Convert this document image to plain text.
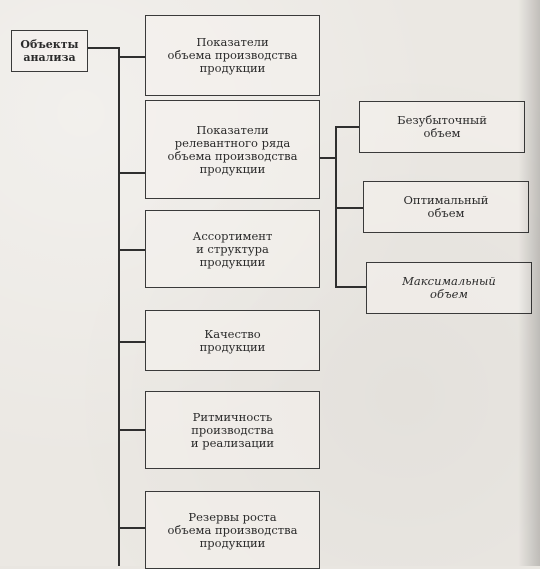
Объекты
анализа
Показатели
объема производства
продукции
Показатели
релевантного ряда
объема производства
продукции
Ассортимент
и структура
продукции
Качество
продукции
Ритмичность
производства
и реализации
Резервы роста
объема производства
продукции
Безубыточный
объем
Оптимальный
объем
Максимальный
объем
